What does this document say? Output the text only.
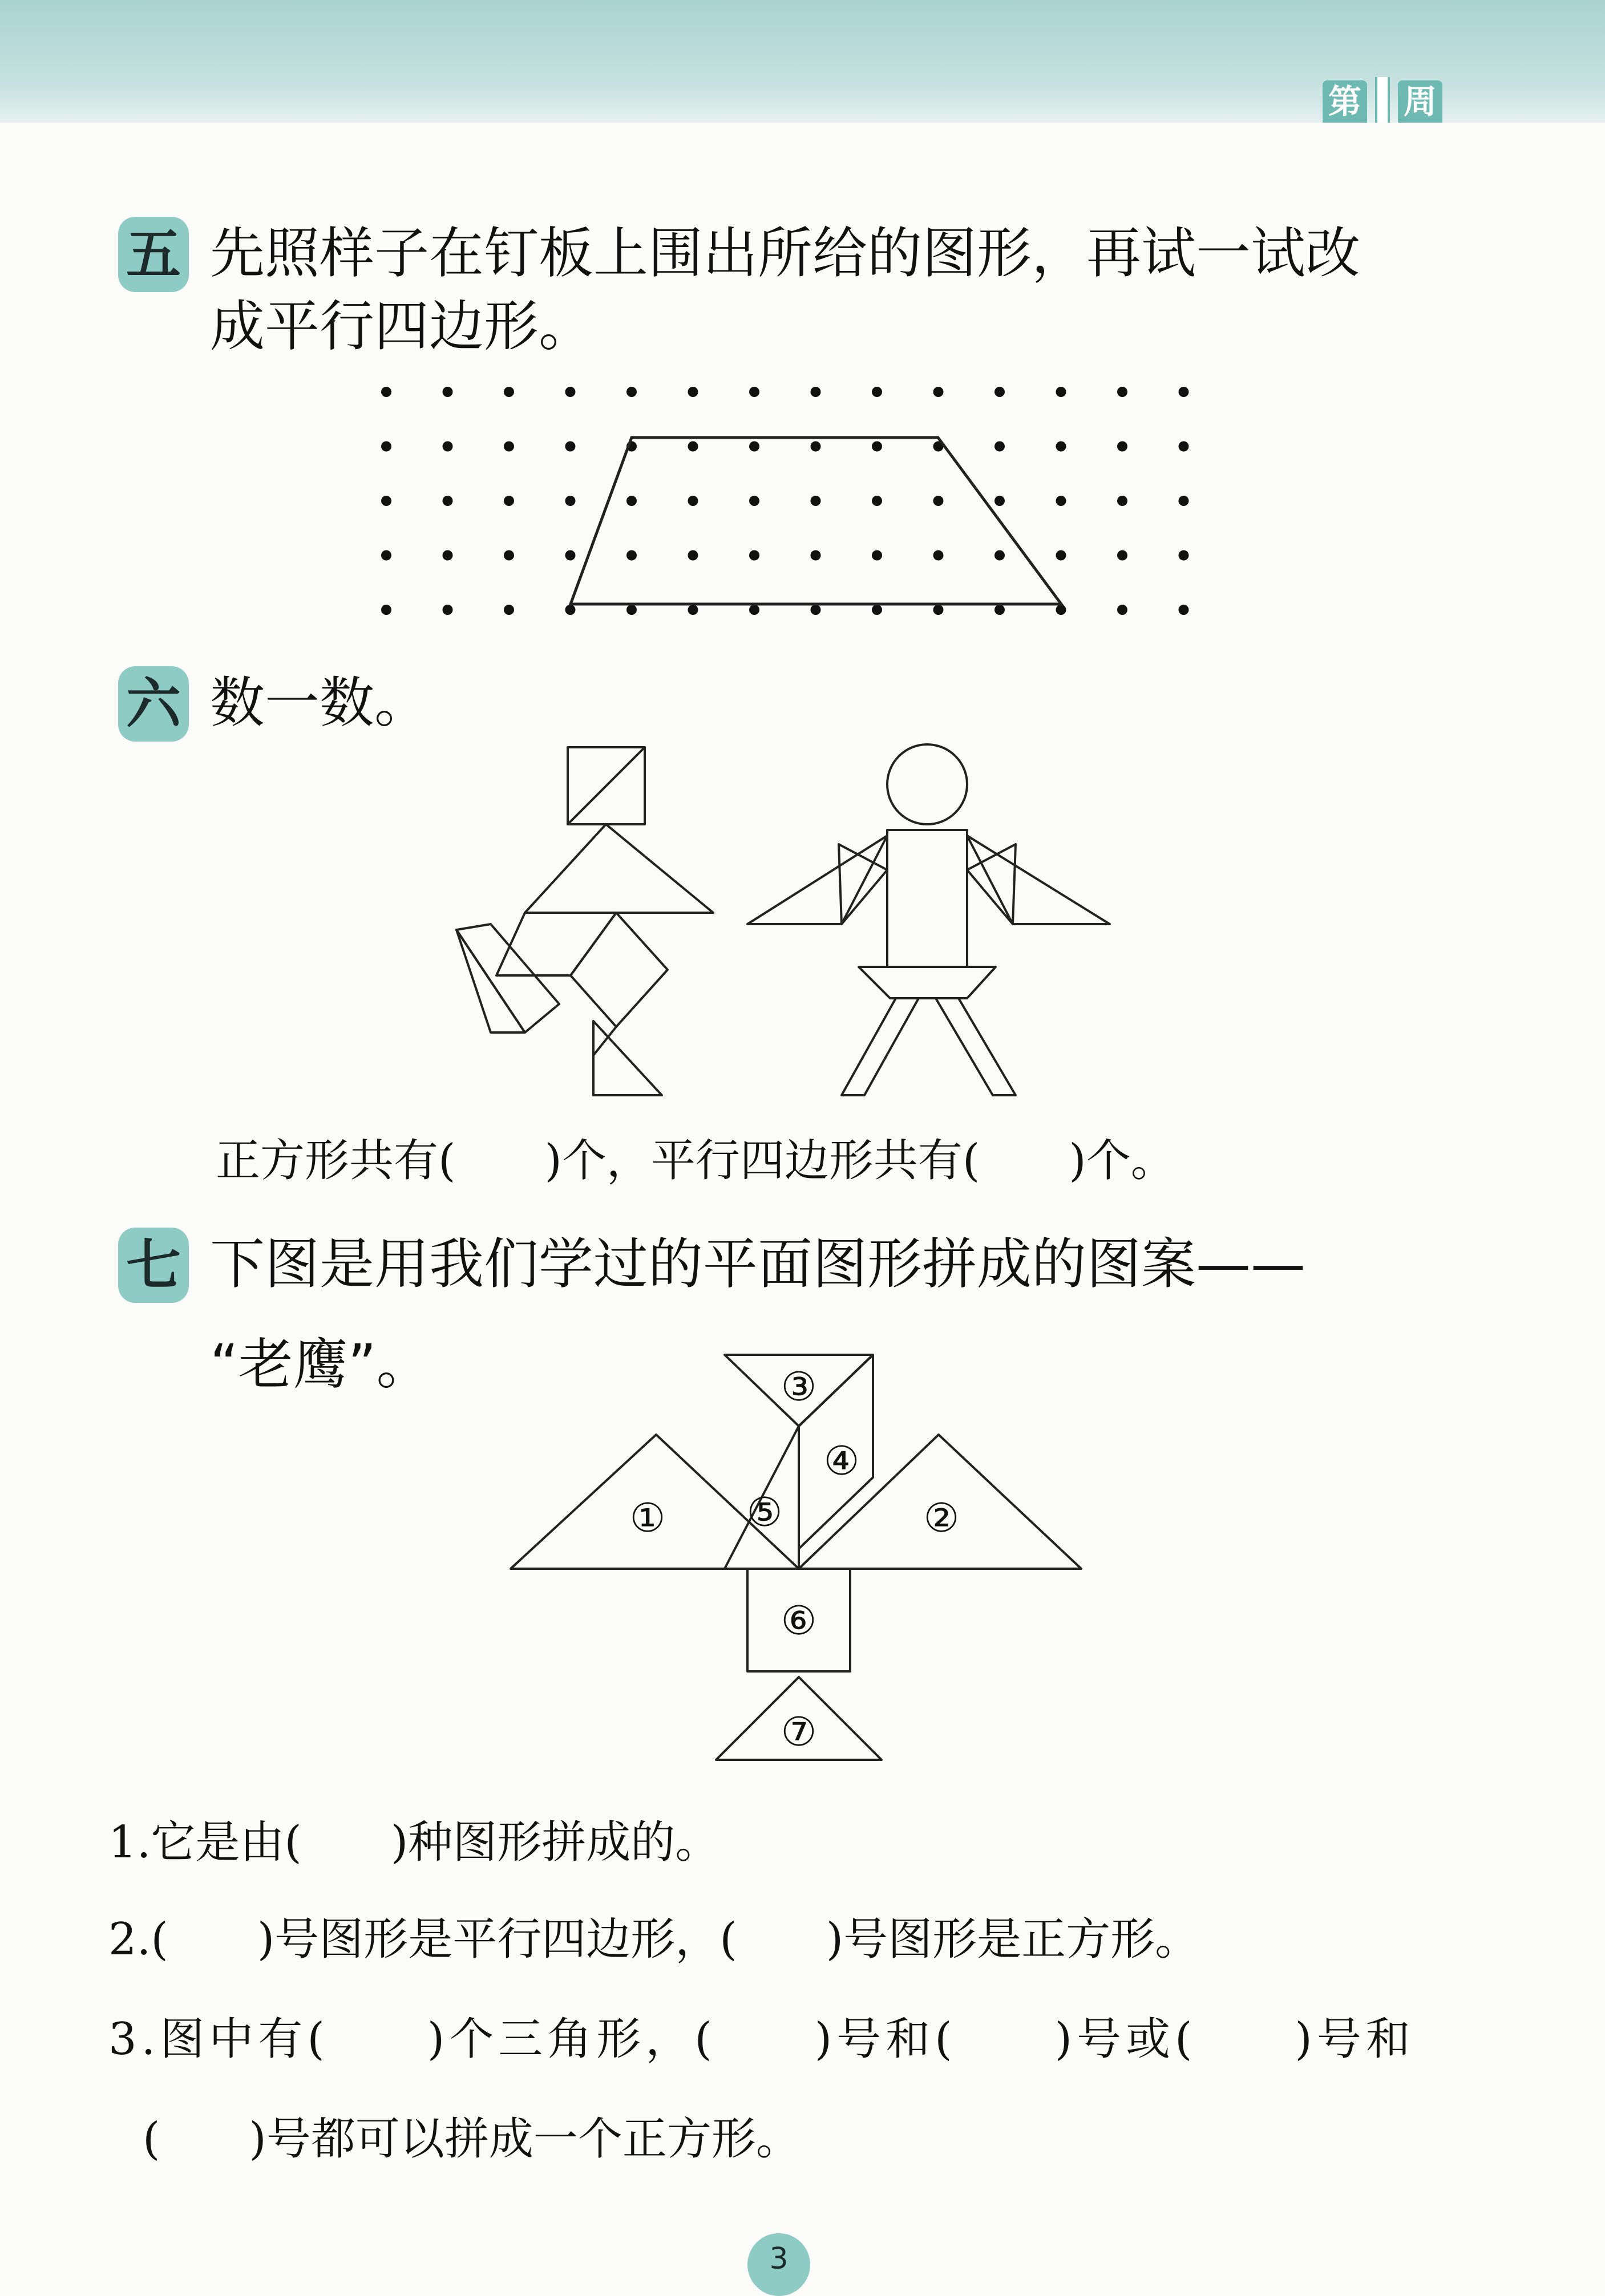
第 周
五 先照样子在钉板上围出所给的图形，再试一试改
成平行四边形。
六 数一数。
正方形共有(　　)个，平行四边形共有(　　)个。
七 下图是用我们学过的平面图形拼成的图案——
“老鹰”。	③
④
⑤
①	②
⑥
⑦
1.它是由(　　)种图形拼成的。
2.(　　)号图形是平行四边形，(　　)号图形是正方形。
3.图中有(　　)个三角形，(　　)号和(　　)号或(　　)号和
(　　)号都可以拼成一个正方形。
3
